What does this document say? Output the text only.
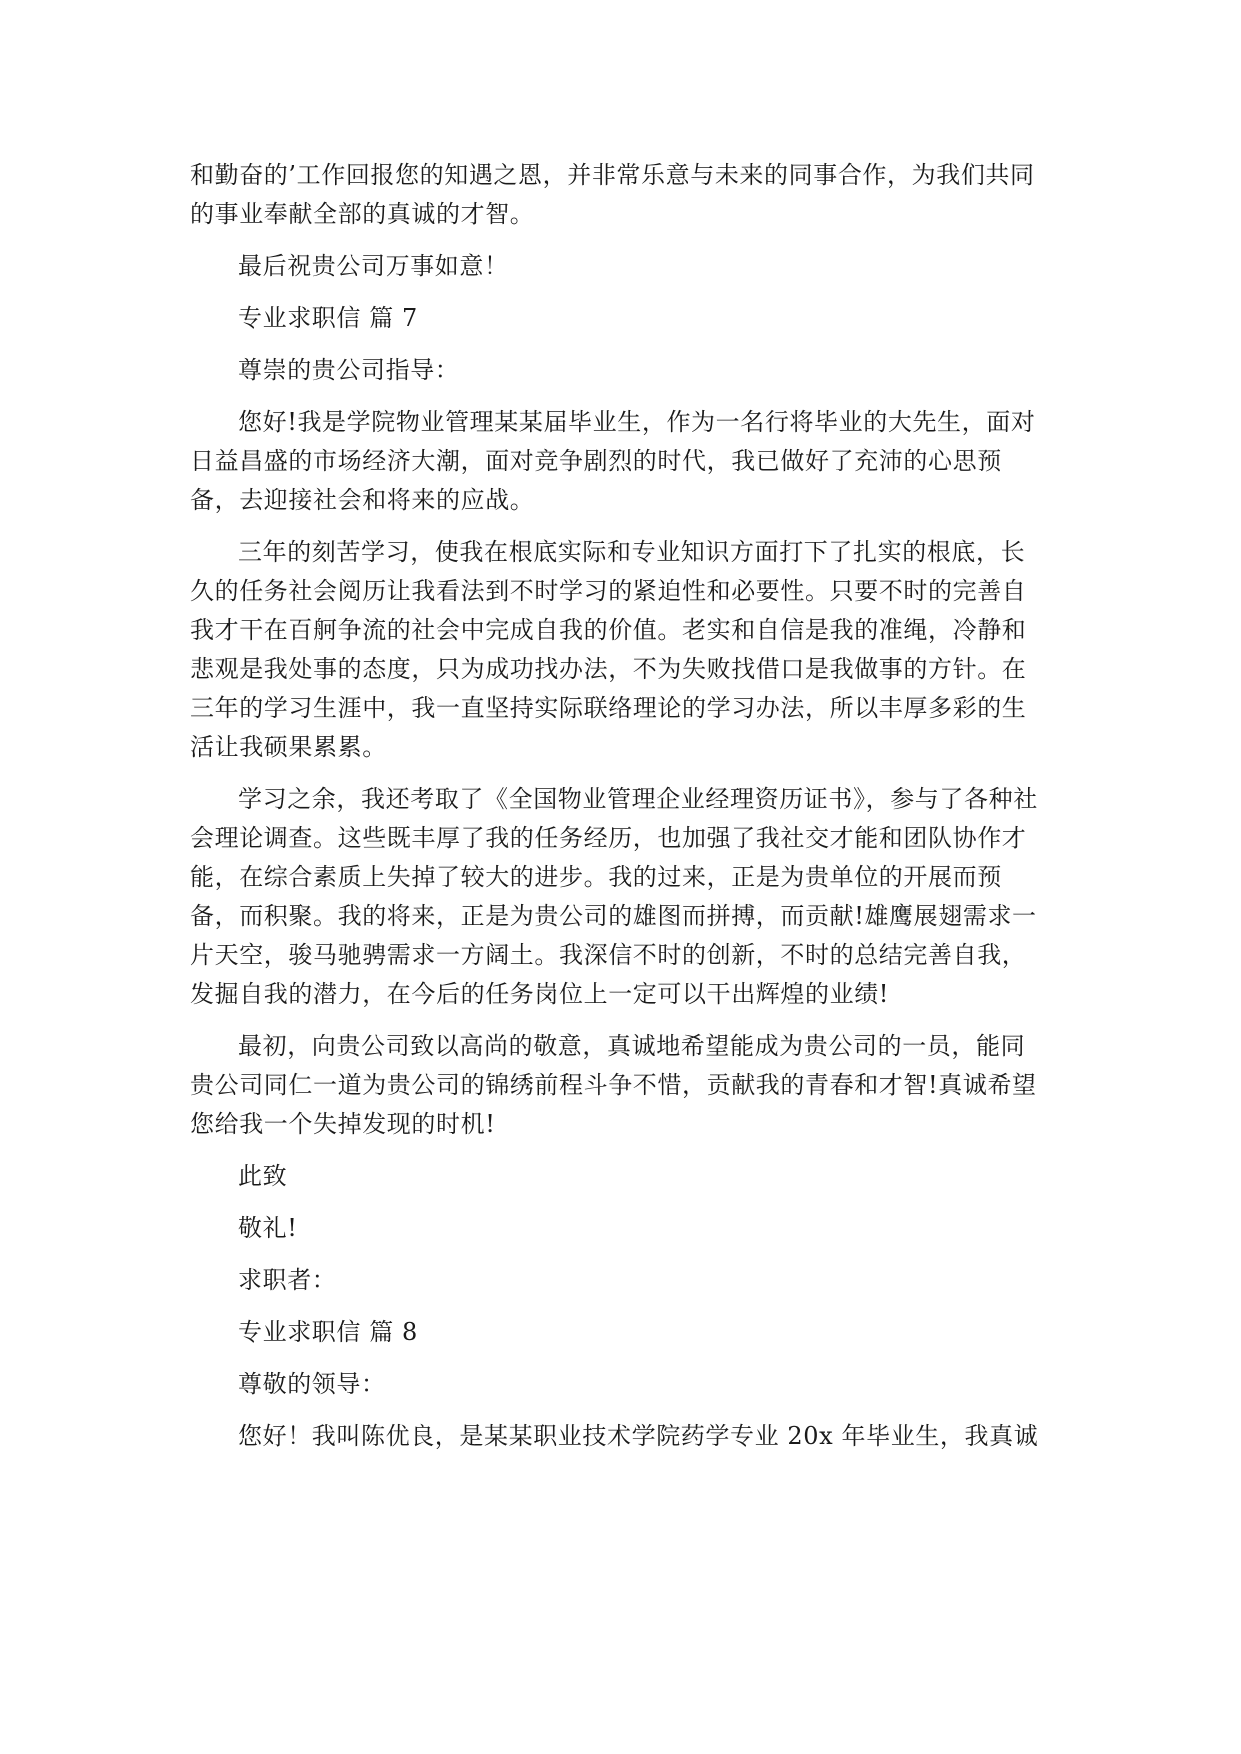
和勤奋的’工作回报您的知遇之恩，并非常乐意与未来的同事合作，为我们共同
的事业奉献全部的真诚的才智。
最后祝贵公司万事如意！
专业求职信 篇 7
尊崇的贵公司指导：
您好!我是学院物业管理某某届毕业生，作为一名行将毕业的大先生，面对
日益昌盛的市场经济大潮，面对竞争剧烈的时代，我已做好了充沛的心思预
备，去迎接社会和将来的应战。
三年的刻苦学习，使我在根底实际和专业知识方面打下了扎实的根底，长
久的任务社会阅历让我看法到不时学习的紧迫性和必要性。只要不时的完善自
我才干在百舸争流的社会中完成自我的价值。老实和自信是我的准绳，冷静和
悲观是我处事的态度，只为成功找办法，不为失败找借口是我做事的方针。在
三年的学习生涯中，我一直坚持实际联络理论的学习办法，所以丰厚多彩的生
活让我硕果累累。
学习之余，我还考取了《全国物业管理企业经理资历证书》，参与了各种社
会理论调查。这些既丰厚了我的任务经历，也加强了我社交才能和团队协作才
能，在综合素质上失掉了较大的进步。我的过来，正是为贵单位的开展而预
备，而积聚。我的将来，正是为贵公司的雄图而拼搏，而贡献!雄鹰展翅需求一
片天空，骏马驰骋需求一方阔土。我深信不时的创新，不时的总结完善自我，
发掘自我的潜力，在今后的任务岗位上一定可以干出辉煌的业绩!
最初，向贵公司致以高尚的敬意，真诚地希望能成为贵公司的一员，能同
贵公司同仁一道为贵公司的锦绣前程斗争不惜，贡献我的青春和才智!真诚希望
您给我一个失掉发现的时机!
此致
敬礼!
求职者：
专业求职信 篇 8
尊敬的领导：
您好！我叫陈优良，是某某职业技术学院药学专业 20x 年毕业生，我真诚
